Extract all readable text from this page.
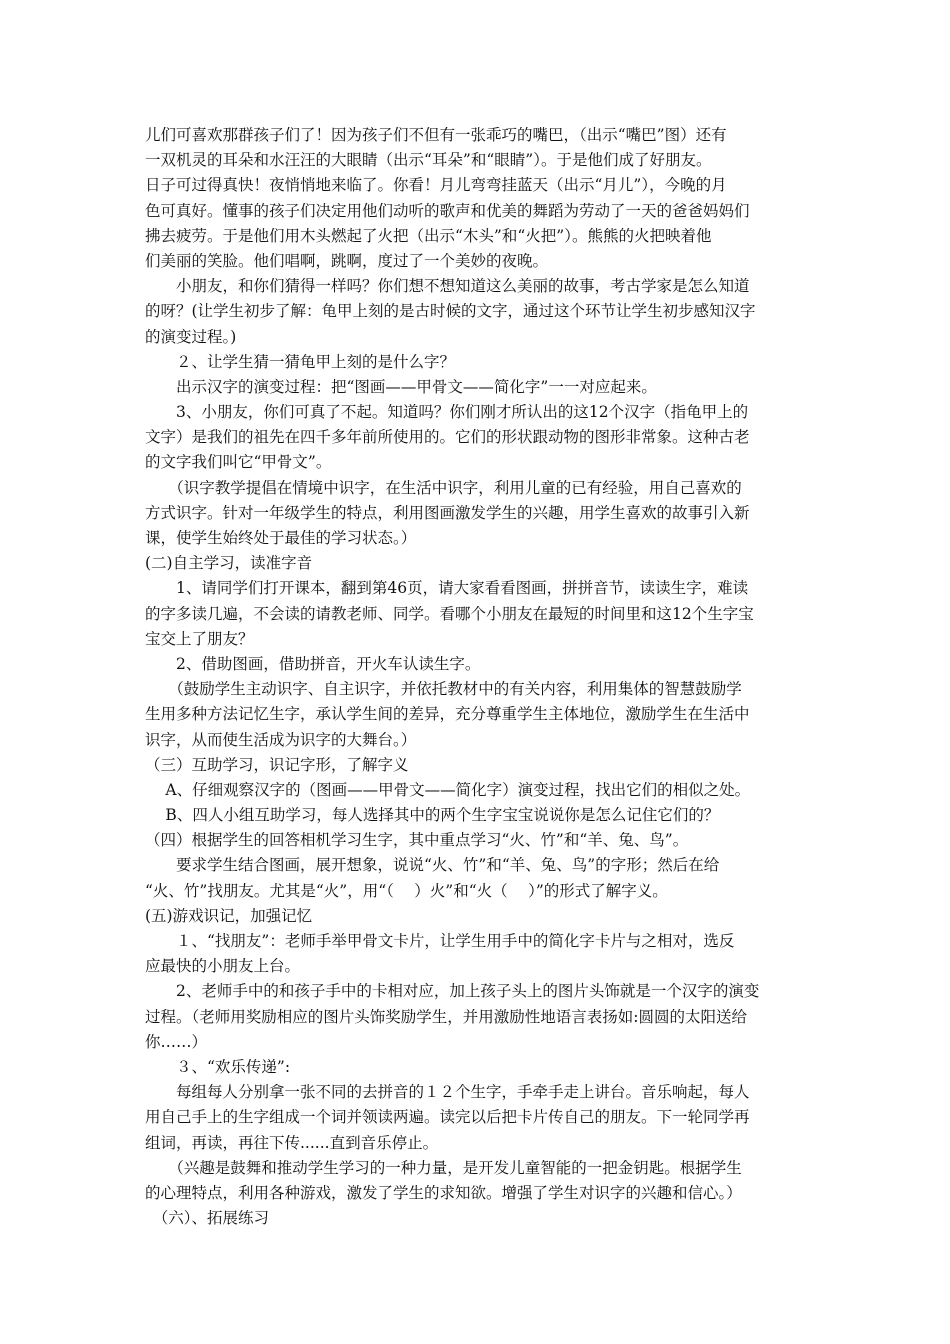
儿们可喜欢那群孩子们了！因为孩子们不但有一张乖巧的嘴巴，（出示“嘴巴”图）还有
一双机灵的耳朵和水汪汪的大眼睛（出示“耳朵”和“眼睛”）。于是他们成了好朋友。
日子可过得真快！夜悄悄地来临了。你看！月儿弯弯挂蓝天（出示“月儿”），今晚的月
色可真好。懂事的孩子们决定用他们动听的歌声和优美的舞蹈为劳动了一天的爸爸妈妈们
拂去疲劳。于是他们用木头燃起了火把（出示“木头”和“火把”）。熊熊的火把映着他
们美丽的笑脸。他们唱啊，跳啊，度过了一个美妙的夜晚。
　　小朋友，和你们猜得一样吗？你们想不想知道这么美丽的故事，考古学家是怎么知道
的呀？(让学生初步了解：龟甲上刻的是古时候的文字，通过这个环节让学生初步感知汉字
的演变过程。)
　　２、让学生猜一猜龟甲上刻的是什么字？
　　出示汉字的演变过程：把“图画——甲骨文——简化字”一一对应起来。
　　3、小朋友，你们可真了不起。知道吗？你们刚才所认出的这12个汉字（指龟甲上的
文字）是我们的祖先在四千多年前所使用的。它们的形状跟动物的图形非常象。这种古老
的文字我们叫它“甲骨文”。
　　（识字教学提倡在情境中识字，在生活中识字，利用儿童的已有经验，用自己喜欢的
方式识字。针对一年级学生的特点，利用图画激发学生的兴趣，用学生喜欢的故事引入新
课，使学生始终处于最佳的学习状态。）
(二)自主学习，读准字音
　　1、请同学们打开课本，翻到第46页，请大家看看图画，拼拼音节，读读生字，难读
的字多读几遍，不会读的请教老师、同学。看哪个小朋友在最短的时间里和这12个生字宝
宝交上了朋友？
　　2、借助图画，借助拼音，开火车认读生字。
　　（鼓励学生主动识字、自主识字，并依托教材中的有关内容，利用集体的智慧鼓励学
生用多种方法记忆生字，承认学生间的差异，充分尊重学生主体地位，激励学生在生活中
识字，从而使生活成为识字的大舞台。）
（三）互助学习，识记字形，了解字义
　 A、仔细观察汉字的（图画——甲骨文——简化字）演变过程，找出它们的相似之处。
　 B、四人小组互助学习，每人选择其中的两个生字宝宝说说你是怎么记住它们的？
（四）根据学生的回答相机学习生字，其中重点学习“火、竹”和“羊、兔、鸟”。
　　要求学生结合图画，展开想象，说说“火、竹”和“羊、兔、鸟”的字形；然后在给
“火、竹”找朋友。尤其是“火”，用“（　 ）火”和“火（　 ）”的形式了解字义。
(五)游戏识记，加强记忆
　　１、“找朋友”：老师手举甲骨文卡片，让学生用手中的简化字卡片与之相对，选反
应最快的小朋友上台。
　　2、老师手中的和孩子手中的卡相对应，加上孩子头上的图片头饰就是一个汉字的演变
过程。（老师用奖励相应的图片头饰奖励学生，并用激励性地语言表扬如:圆圆的太阳送给
你……）
　　３、“欢乐传递”:
　　每组每人分别拿一张不同的去拼音的１２个生字，手牵手走上讲台。音乐响起，每人
用自己手上的生字组成一个词并领读两遍。读完以后把卡片传自己的朋友。下一轮同学再
组词，再读，再往下传......直到音乐停止。
　　（兴趣是鼓舞和推动学生学习的一种力量，是开发儿童智能的一把金钥匙。根据学生
的心理特点，利用各种游戏，激发了学生的求知欲。增强了学生对识字的兴趣和信心。）
　（六）、拓展练习
